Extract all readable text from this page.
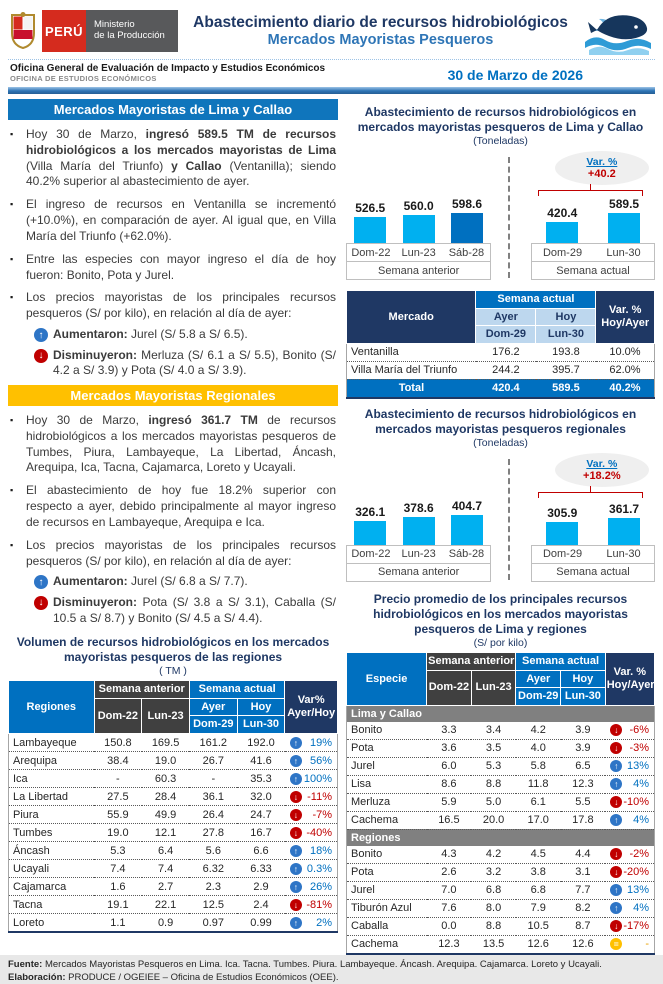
PERÚ	Ministerio
de la Producción
Abastecimiento diario de recursos hidrobiológicos
Mercados Mayoristas Pesqueros
Oficina General de Evaluación de Impacto y Estudios Económicos
OFICINA DE ESTUDIOS ECONÓMICOS	30 de Marzo de 2026
Mercados Mayoristas de Lima y Callao
▪	Hoy 30 de Marzo, ingresó 589.5 TM de recursos hidrobiológicos a los mercados mayoristas de Lima (Villa María del Triunfo) y Callao (Ventanilla); siendo 40.2% superior al abastecimiento de ayer.
▪	El ingreso de recursos en Ventanilla se incrementó (+10.0%), en comparación de ayer. Al igual que, en Villa María del Triunfo (+62.0%).
▪	Entre las especies con mayor ingreso el día de hoy fueron: Bonito, Pota y Jurel.
▪	Los precios mayoristas de los principales recursos pesqueros (S/ por kilo), en relación al día de ayer:
↑ Aumentaron: Jurel (S/ 5.8 a S/ 6.5).
↓ Disminuyeron: Merluza (S/ 6.1 a S/ 5.5), Bonito (S/ 4.2 a S/ 3.9) y Pota (S/ 4.0 a S/ 3.9).
Mercados Mayoristas Regionales
▪	Hoy 30 de Marzo, ingresó 361.7 TM de recursos hidrobiológicos a los mercados mayoristas pesqueros de Tumbes, Piura, Lambayeque, La Libertad, Áncash, Arequipa, Ica, Tacna, Cajamarca, Loreto y Ucayali.
▪	El abastecimiento de hoy fue 18.2% superior con respecto a ayer, debido principalmente al mayor ingreso de recursos en Lambayeque, Arequipa e Ica.
▪	Los precios mayoristas de los principales recursos pesqueros (S/ por kilo), en relación al día de ayer:
↑ Aumentaron: Jurel (S/ 6.8 a S/ 7.7).
↓ Disminuyeron: Pota (S/ 3.8 a S/ 3.1), Caballa (S/ 10.5 a S/ 8.7) y Bonito (S/ 4.5 a S/ 4.4).
Volumen de recursos hidrobiológicos en los mercados mayoristas pesqueros de las regiones
( TM )
Regiones	Semana anterior		Semana actual		Var%
Ayer/Hoy
	Dom-22	Lun-23	Ayer	Hoy	
			Dom-29	Lun-30	
Lambayeque	150.8	169.5	161.2	192.0	↑ 19%

Arequipa	38.4	19.0	26.7	41.6	↑ 56%

Ica	-	60.3	-	35.3	↑ 100%

La Libertad	27.5	28.4	36.1	32.0	↓ -11%

Piura	55.9	49.9	26.4	24.7	↓ -7%

Tumbes	19.0	12.1	27.8	16.7	↓ -40%

Áncash	5.3	6.4	5.6	6.6	↑ 18%

Ucayali	7.4	7.4	6.32	6.33	↑ 0.3%

Cajamarca	1.6	2.7	2.3	2.9	↑ 26%

Tacna	19.1	22.1	12.5	2.4	↓ -81%

Loreto	1.1	0.9	0.97	0.99	↑ 2%
Abastecimiento de recursos hidrobiológicos en mercados mayoristas pesqueros de Lima y Callao
(Toneladas)
526.5 560.0 598.6
420.4
589.5
Dom-22	Lun-23	Sáb-28
Semana anterior
Dom-29	Lun-30
Semana actual
Var. %
+40.2
Mercado	Semana actual		Var. %
Hoy/Ayer
	Ayer	Hoy	
	Dom-29	Lun-30	
Ventanilla	176.2	193.8	10.0%
Villa María del Triunfo	244.2	395.7	62.0%
Total	420.4	589.5	40.2%
Abastecimiento de recursos hidrobiológicos en mercados mayoristas pesqueros regionales
(Toneladas)
326.1 378.6 404.7	305.9	361.7
Dom-22	Lun-23	Sáb-28
Semana anterior
Dom-29	Lun-30
Semana actual
Var. %
+18.2%
Precio promedio de los principales recursos hidrobiológicos en los mercados mayoristas pesqueros de Lima y regiones
(S/ por kilo)
Especie	Semana anterior		Semana actual		Var. %
Hoy/Ayer
	Dom-22	Lun-23	Ayer	Hoy	
			Dom-29	Lun-30	
Lima y Callao					
Bonito	3.3	3.4	4.2	3.9	↓ -6%

Pota	3.6	3.5	4.0	3.9	↓ -3%

Jurel	6.0	5.3	5.8	6.5	↑ 13%

Lisa	8.6	8.8	11.8	12.3	↑ 4%

Merluza	5.9	5.0	6.1	5.5	↓ -10%

Cachema	16.5	20.0	17.0	17.8	↑ 4%

Regiones					
Bonito	4.3	4.2	4.5	4.4	↓ -2%

Pota	2.6	3.2	3.8	3.1	↓ -20%

Jurel	7.0	6.8	6.8	7.7	↑ 13%

Tiburón Azul	7.6	8.0	7.9	8.2	↑ 4%

Caballa	0.0	8.8	10.5	8.7	↓ -17%

Cachema	12.3	13.5	12.6	12.6	= -
Fuente: Mercados Mayoristas Pesqueros en Lima. Ica. Tacna. Tumbes. Piura. Lambayeque. Áncash. Arequipa. Cajamarca. Loreto y Ucayali.
Elaboración: PRODUCE / OGEIEE – Oficina de Estudios Económicos (OEE).
